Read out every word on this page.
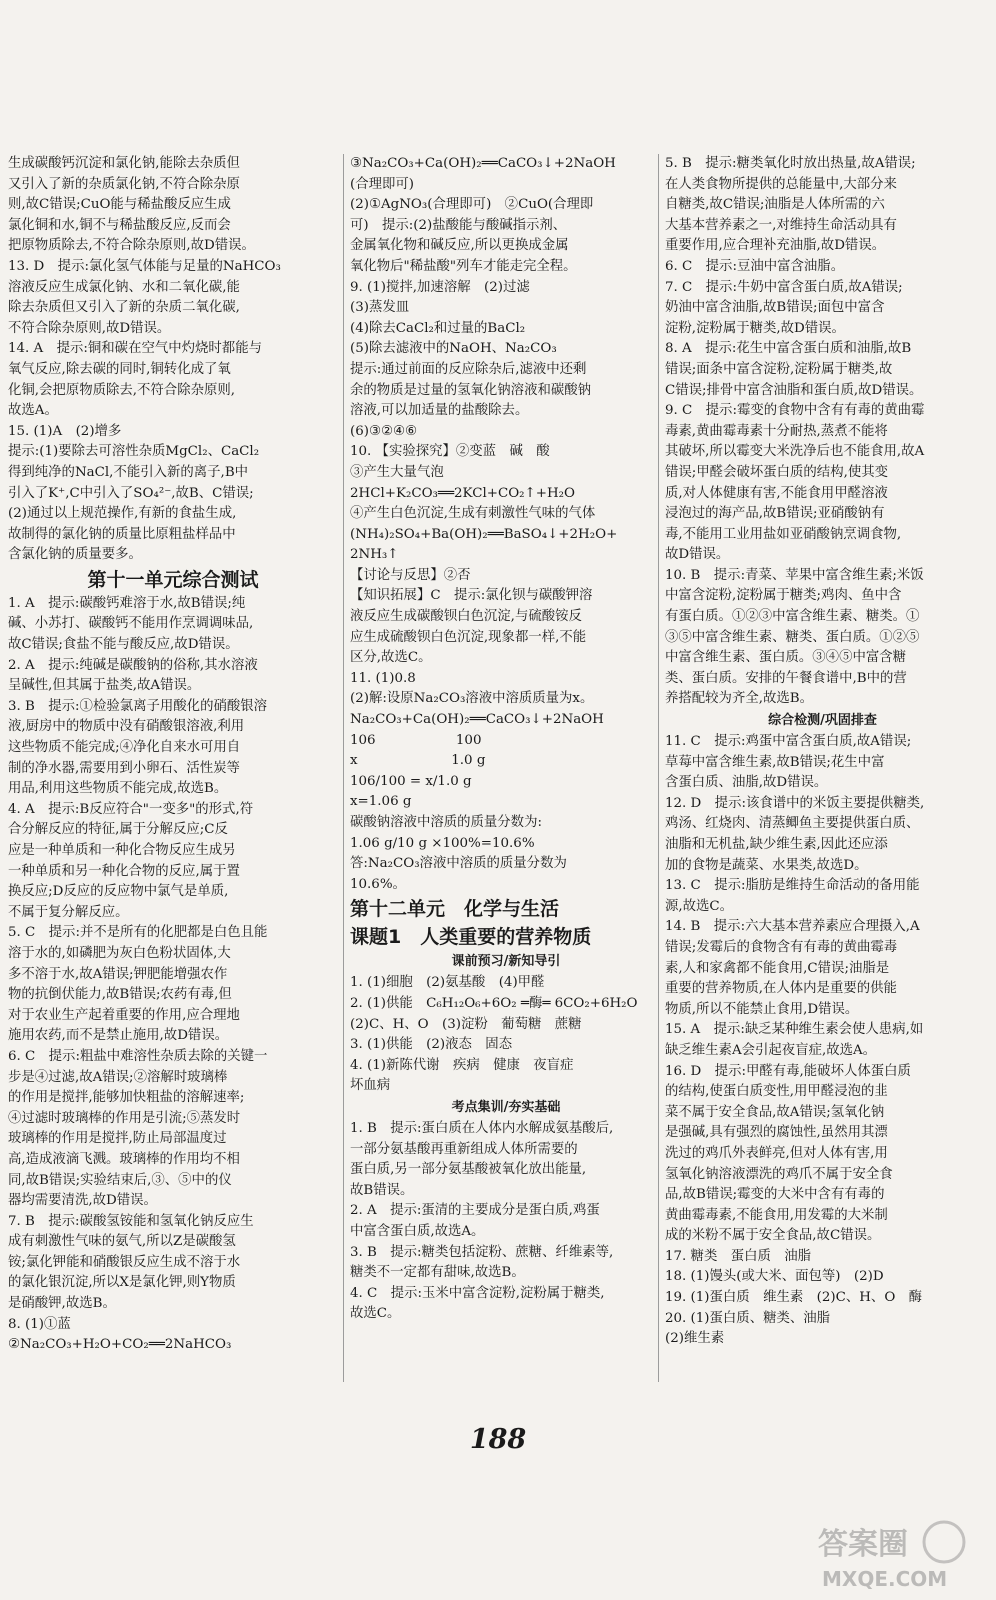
生成碳酸钙沉淀和氯化钠,能除去杂质但
又引入了新的杂质氯化钠,不符合除杂原
则,故C错误;CuO能与稀盐酸反应生成
氯化铜和水,铜不与稀盐酸反应,反而会
把原物质除去,不符合除杂原则,故D错误。
13. D　提示:氯化氢气体能与足量的NaHCO₃
溶液反应生成氯化钠、水和二氧化碳,能
除去杂质但又引入了新的杂质二氧化碳,
不符合除杂原则,故D错误。
14. A　提示:铜和碳在空气中灼烧时都能与
氧气反应,除去碳的同时,铜转化成了氧
化铜,会把原物质除去,不符合除杂原则,
故选A。
15. (1)A　(2)增多
提示:(1)要除去可溶性杂质MgCl₂、CaCl₂
得到纯净的NaCl,不能引入新的离子,B中
引入了K⁺,C中引入了SO₄²⁻,故B、C错误;
(2)通过以上规范操作,有新的食盐生成,
故制得的氯化钠的质量比原粗盐样品中
含氯化钠的质量要多。
第十一单元综合测试
1. A　提示:碳酸钙难溶于水,故B错误;纯
碱、小苏打、碳酸钙不能用作烹调调味品,
故C错误;食盐不能与酸反应,故D错误。
2. A　提示:纯碱是碳酸钠的俗称,其水溶液
呈碱性,但其属于盐类,故A错误。
3. B　提示:①检验氯离子用酸化的硝酸银溶
液,厨房中的物质中没有硝酸银溶液,利用
这些物质不能完成;④净化自来水可用自
制的净水器,需要用到小卵石、活性炭等
用品,利用这些物质不能完成,故选B。
4. A　提示:B反应符合"一变多"的形式,符
合分解反应的特征,属于分解反应;C反
应是一种单质和一种化合物反应生成另
一种单质和另一种化合物的反应,属于置
换反应;D反应的反应物中氯气是单质,
不属于复分解反应。
5. C　提示:并不是所有的化肥都是白色且能
溶于水的,如磷肥为灰白色粉状固体,大
多不溶于水,故A错误;钾肥能增强农作
物的抗倒伏能力,故B错误;农药有毒,但
对于农业生产起着重要的作用,应合理地
施用农药,而不是禁止施用,故D错误。
6. C　提示:粗盐中难溶性杂质去除的关键一
步是④过滤,故A错误;②溶解时玻璃棒
的作用是搅拌,能够加快粗盐的溶解速率;
④过滤时玻璃棒的作用是引流;⑤蒸发时
玻璃棒的作用是搅拌,防止局部温度过
高,造成液滴飞溅。玻璃棒的作用均不相
同,故B错误;实验结束后,③、⑤中的仪
器均需要清洗,故D错误。
7. B　提示:碳酸氢铵能和氢氧化钠反应生
成有刺激性气味的氨气,所以Z是碳酸氢
铵;氯化钾能和硝酸银反应生成不溶于水
的氯化银沉淀,所以X是氯化钾,则Y物质
是硝酸钾,故选B。
8. (1)①蓝
②Na₂CO₃+H₂O+CO₂══2NaHCO₃
③Na₂CO₃+Ca(OH)₂══CaCO₃↓+2NaOH
(合理即可)
(2)①AgNO₃(合理即可)　②CuO(合理即
可)　提示:(2)盐酸能与酸碱指示剂、
金属氧化物和碱反应,所以更换成金属
氧化物后"稀盐酸"列车才能走完全程。
9. (1)搅拌,加速溶解　(2)过滤
(3)蒸发皿
(4)除去CaCl₂和过量的BaCl₂
(5)除去滤液中的NaOH、Na₂CO₃
提示:通过前面的反应除杂后,滤液中还剩
余的物质是过量的氢氧化钠溶液和碳酸钠
溶液,可以加适量的盐酸除去。
(6)③②④⑥
10. 【实验探究】②变蓝　碱　酸
③产生大量气泡
2HCl+K₂CO₃══2KCl+CO₂↑+H₂O
④产生白色沉淀,生成有刺激性气味的气体
(NH₄)₂SO₄+Ba(OH)₂══BaSO₄↓+2H₂O+
2NH₃↑
【讨论与反思】②否
【知识拓展】C　提示:氯化钡与碳酸钾溶
液反应生成碳酸钡白色沉淀,与硫酸铵反
应生成硫酸钡白色沉淀,现象都一样,不能
区分,故选C。
11. (1)0.8
(2)解:设原Na₂CO₃溶液中溶质质量为x。
Na₂CO₃+Ca(OH)₂══CaCO₃↓+2NaOH
106　　　　　　100
x　　　　　　　1.0 g
106/100 = x/1.0 g
x=1.06 g
碳酸钠溶液中溶质的质量分数为:
1.06 g/10 g ×100%=10.6%
答:Na₂CO₃溶液中溶质的质量分数为
10.6%。
第十二单元　化学与生活
课题1　人类重要的营养物质
课前预习/新知导引
1. (1)细胞　(2)氨基酸　(4)甲醛
2. (1)供能　C₆H₁₂O₆+6O₂ ═酶═ 6CO₂+6H₂O
(2)C、H、O　(3)淀粉　葡萄糖　蔗糖
3. (1)供能　(2)液态　固态
4. (1)新陈代谢　疾病　健康　夜盲症
坏血病
考点集训/夯实基础
1. B　提示:蛋白质在人体内水解成氨基酸后,
一部分氨基酸再重新组成人体所需要的
蛋白质,另一部分氨基酸被氧化放出能量,
故B错误。
2. A　提示:蛋清的主要成分是蛋白质,鸡蛋
中富含蛋白质,故选A。
3. B　提示:糖类包括淀粉、蔗糖、纤维素等,
糖类不一定都有甜味,故选B。
4. C　提示:玉米中富含淀粉,淀粉属于糖类,
故选C。
5. B　提示:糖类氧化时放出热量,故A错误;
在人类食物所提供的总能量中,大部分来
自糖类,故C错误;油脂是人体所需的六
大基本营养素之一,对维持生命活动具有
重要作用,应合理补充油脂,故D错误。
6. C　提示:豆油中富含油脂。
7. C　提示:牛奶中富含蛋白质,故A错误;
奶油中富含油脂,故B错误;面包中富含
淀粉,淀粉属于糖类,故D错误。
8. A　提示:花生中富含蛋白质和油脂,故B
错误;面条中富含淀粉,淀粉属于糖类,故
C错误;排骨中富含油脂和蛋白质,故D错误。
9. C　提示:霉变的食物中含有有毒的黄曲霉
毒素,黄曲霉毒素十分耐热,蒸煮不能将
其破坏,所以霉变大米洗净后也不能食用,故A
错误;甲醛会破坏蛋白质的结构,使其变
质,对人体健康有害,不能食用甲醛溶液
浸泡过的海产品,故B错误;亚硝酸钠有
毒,不能用工业用盐如亚硝酸钠烹调食物,
故D错误。
10. B　提示:青菜、苹果中富含维生素;米饭
中富含淀粉,淀粉属于糖类;鸡肉、鱼中含
有蛋白质。①②③中富含维生素、糖类。①
③⑤中富含维生素、糖类、蛋白质。①②⑤
中富含维生素、蛋白质。③④⑤中富含糖
类、蛋白质。安排的午餐食谱中,B中的营
养搭配较为齐全,故选B。
综合检测/巩固排查
11. C　提示:鸡蛋中富含蛋白质,故A错误;
草莓中富含维生素,故B错误;花生中富
含蛋白质、油脂,故D错误。
12. D　提示:该食谱中的米饭主要提供糖类,
鸡汤、红烧肉、清蒸鲫鱼主要提供蛋白质、
油脂和无机盐,缺少维生素,因此还应添
加的食物是蔬菜、水果类,故选D。
13. C　提示:脂肪是维持生命活动的备用能
源,故选C。
14. B　提示:六大基本营养素应合理摄入,A
错误;发霉后的食物含有有毒的黄曲霉毒
素,人和家禽都不能食用,C错误;油脂是
重要的营养物质,在人体内是重要的供能
物质,所以不能禁止食用,D错误。
15. A　提示:缺乏某种维生素会使人患病,如
缺乏维生素A会引起夜盲症,故选A。
16. D　提示:甲醛有毒,能破坏人体蛋白质
的结构,使蛋白质变性,用甲醛浸泡的韭
菜不属于安全食品,故A错误;氢氧化钠
是强碱,具有强烈的腐蚀性,虽然用其漂
洗过的鸡爪外表鲜亮,但对人体有害,用
氢氧化钠溶液漂洗的鸡爪不属于安全食
品,故B错误;霉变的大米中含有有毒的
黄曲霉毒素,不能食用,用发霉的大米制
成的米粉不属于安全食品,故C错误。
17. 糖类　蛋白质　油脂
18. (1)馒头(或大米、面包等)　(2)D
19. (1)蛋白质　维生素　(2)C、H、O　酶
20. (1)蛋白质、糖类、油脂
(2)维生素
188
答案圈
MXQE.COM
